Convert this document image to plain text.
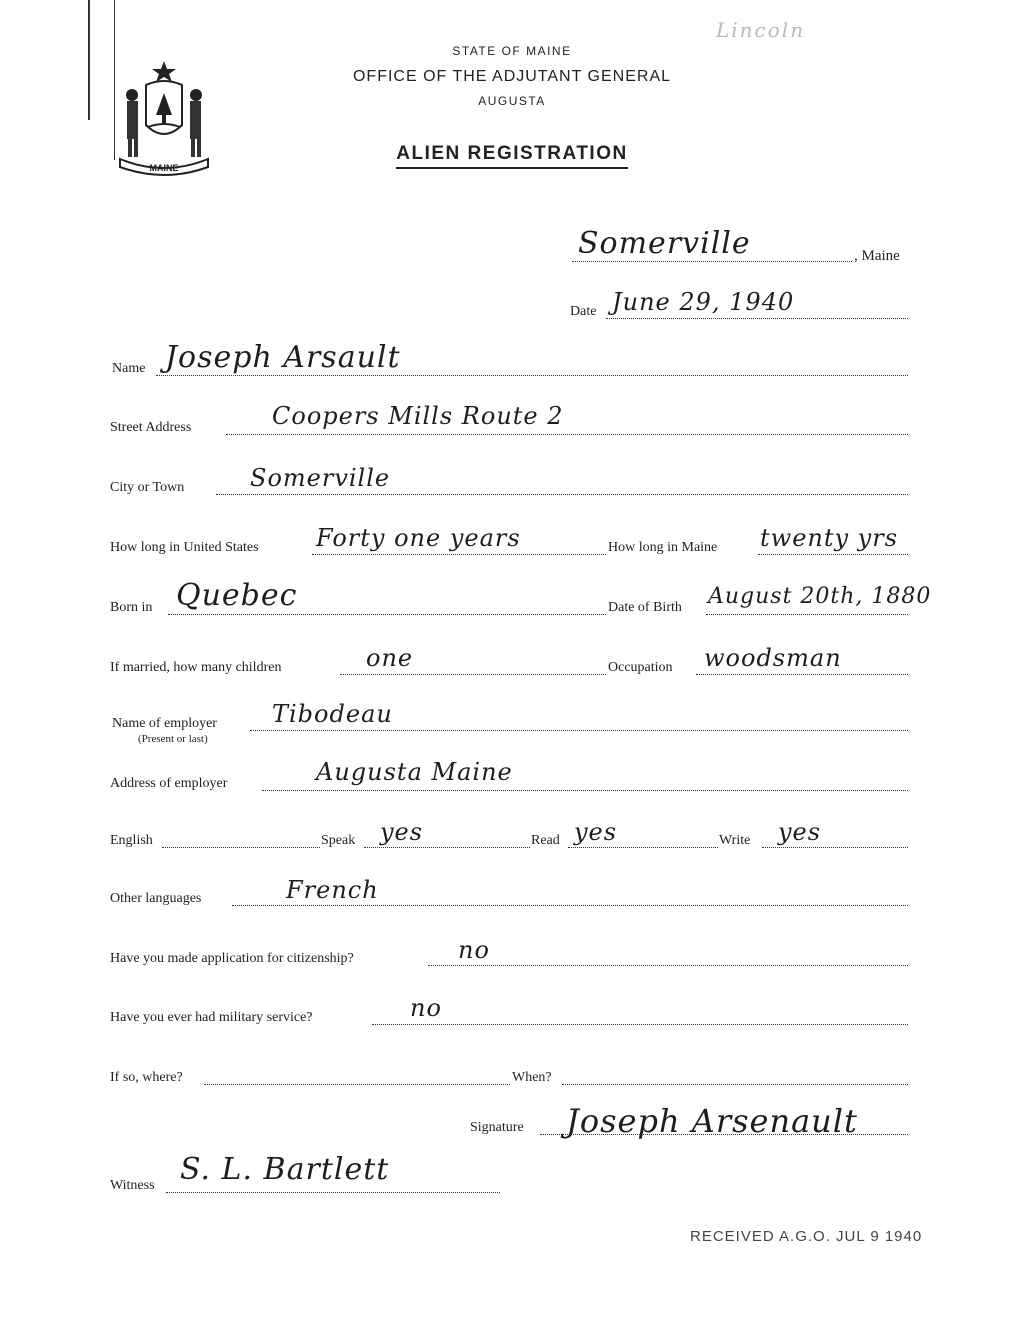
MAINE
Lincoln
STATE OF MAINE
OFFICE OF THE ADJUTANT GENERAL
AUGUSTA
ALIEN REGISTRATION
Somerville	, Maine
Date June 29, 1940
Name Joseph Arsault
Street Address	Coopers Mills Route 2
City or Town	Somerville
How long in United States Forty one years	How long in Maine twenty yrs
Born in Quebec	Date of Birth August 20th, 1880
If married, how many children	one	Occupation woodsman
Name of employer
(Present or last)
Tibodeau
Address of employer	Augusta Maine
English	Speak yes	Read yes	Write yes
Other languages	French
Have you made application for citizenship?	no
Have you ever had military service?	no
If so, where?	When?
Signature Joseph Arsenault
Witness S. L. Bartlett
RECEIVED A.G.O. JUL 9 1940
